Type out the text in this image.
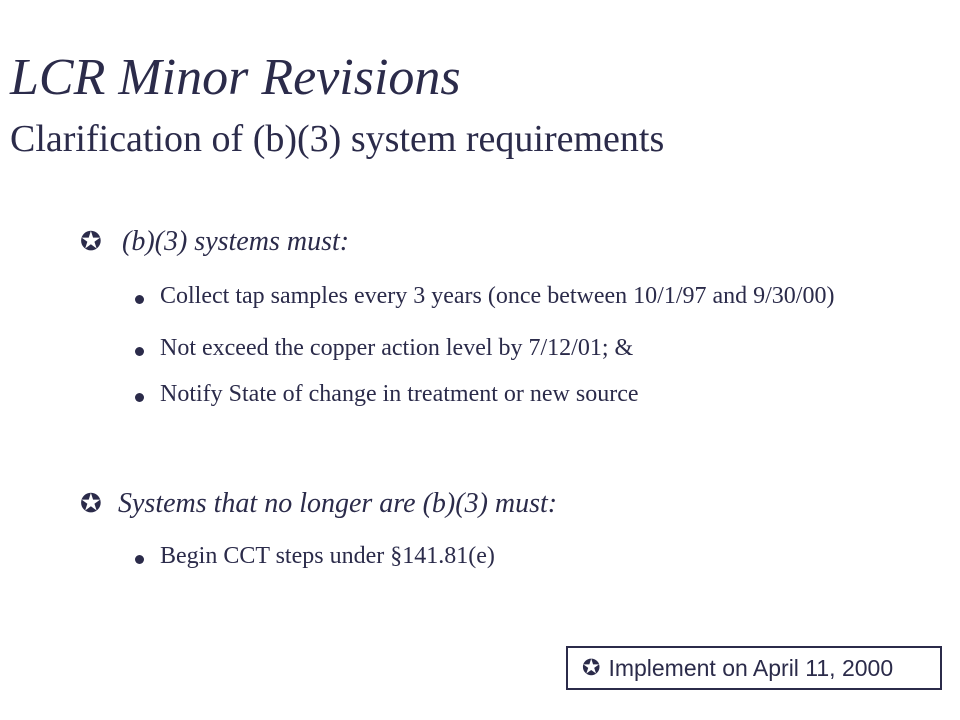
LCR Minor Revisions
Clarification of (b)(3) system requirements
✪ (b)(3) systems must:
Collect tap samples every 3 years (once between 10/1/97 and 9/30/00)
Not exceed the copper action level by 7/12/01; &
Notify State of change in treatment or new source
✪ Systems that no longer are (b)(3) must:
Begin CCT steps under §141.81(e)
✪ Implement on April 11, 2000
